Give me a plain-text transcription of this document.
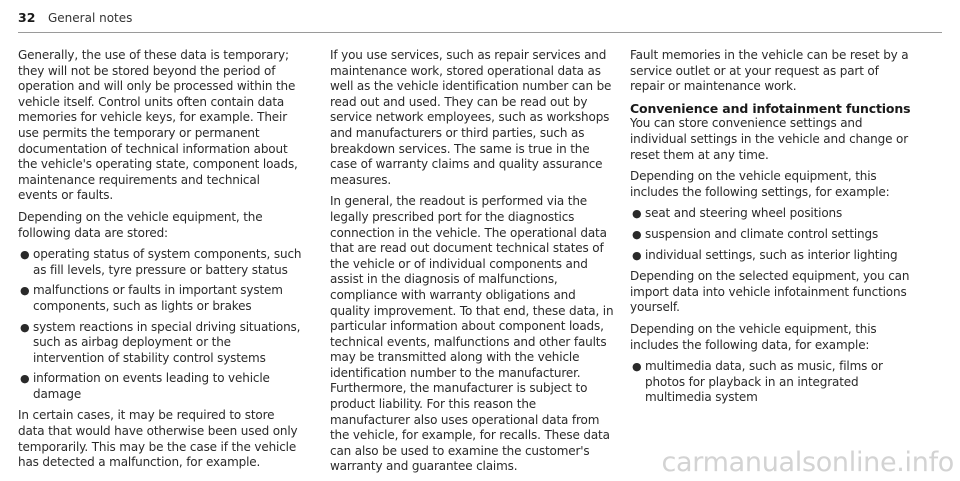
32 General notes

Generally, the use of these data is temporary; they will not be stored beyond the period of operation and will only be processed within the vehicle itself. Control units often contain data memories for vehicle keys, for example. Their use permits the temporary or permanent documentation of technical information about the vehicle's operating state, component loads, maintenance requirements and technical events or faults.

Depending on the vehicle equipment, the following data are stored:

● operating status of system components, such as fill levels, tyre pressure or battery status
● malfunctions or faults in important system components, such as lights or brakes
● system reactions in special driving situations, such as airbag deployment or the intervention of stability control systems
● information on events leading to vehicle damage

In certain cases, it may be required to store data that would have otherwise been used only temporarily. This may be the case if the vehicle has detected a malfunction, for example.

If you use services, such as repair services and maintenance work, stored operational data as well as the vehicle identification number can be read out and used. They can be read out by service network employees, such as workshops and manufacturers or third parties, such as breakdown services. The same is true in the case of warranty claims and quality assurance measures.

In general, the readout is performed via the legally prescribed port for the diagnostics connection in the vehicle. The operational data that are read out document technical states of the vehicle or of individual components and assist in the diagnosis of malfunctions, compliance with warranty obligations and quality improvement. To that end, these data, in particular information about component loads, technical events, malfunctions and other faults may be transmitted along with the vehicle identification number to the manufacturer. Furthermore, the manufacturer is subject to product liability. For this reason the manufacturer also uses operational data from the vehicle, for example, for recalls. These data can also be used to examine the customer's warranty and guarantee claims.

Fault memories in the vehicle can be reset by a service outlet or at your request as part of repair or maintenance work.

Convenience and infotainment functions

You can store convenience settings and individual settings in the vehicle and change or reset them at any time.

Depending on the vehicle equipment, this includes the following settings, for example:

● seat and steering wheel positions
● suspension and climate control settings
● individual settings, such as interior lighting

Depending on the selected equipment, you can import data into vehicle infotainment functions yourself.

Depending on the vehicle equipment, this includes the following data, for example:

● multimedia data, such as music, films or photos for playback in an integrated multimedia system
carmanualsonline.info
